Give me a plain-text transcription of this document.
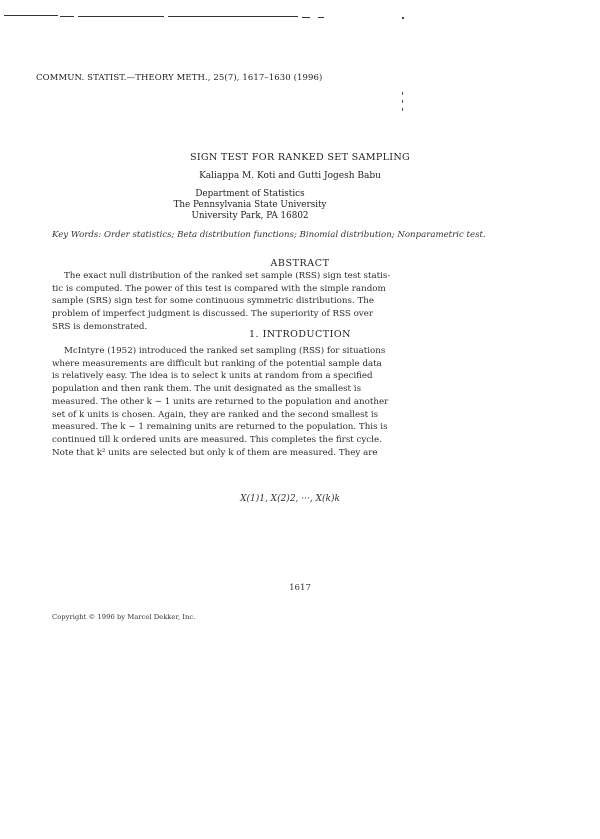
COMMUN. STATIST.—THEORY METH., 25(7), 1617–1630 (1996)
SIGN TEST FOR RANKED SET SAMPLING
Kaliappa M. Koti and Gutti Jogesh Babu
Department of Statistics
The Pennsylvania State University
University Park, PA 16802
Key Words: Order statistics; Beta distribution functions; Binomial distribution; Nonparametric test.
ABSTRACT
The exact null distribution of the ranked set sample (RSS) sign test statis-
tic is computed. The power of this test is compared with the simple random
sample (SRS) sign test for some continuous symmetric distributions. The
problem of imperfect judgment is discussed. The superiority of RSS over
SRS is demonstrated.
1. INTRODUCTION
McIntyre (1952) introduced the ranked set sampling (RSS) for situations
where measurements are difficult but ranking of the potential sample data
is relatively easy. The idea is to select k units at random from a specified
population and then rank them. The unit designated as the smallest is
measured. The other k − 1 units are returned to the population and another
set of k units is chosen. Again, they are ranked and the second smallest is
measured. The k − 1 remaining units are returned to the population. This is
continued till k ordered units are measured. This completes the first cycle.
Note that k² units are selected but only k of them are measured. They are
X(1)1, X(2)2, ···, X(k)k
1617
Copyright © 1996 by Marcel Dekker, Inc.
